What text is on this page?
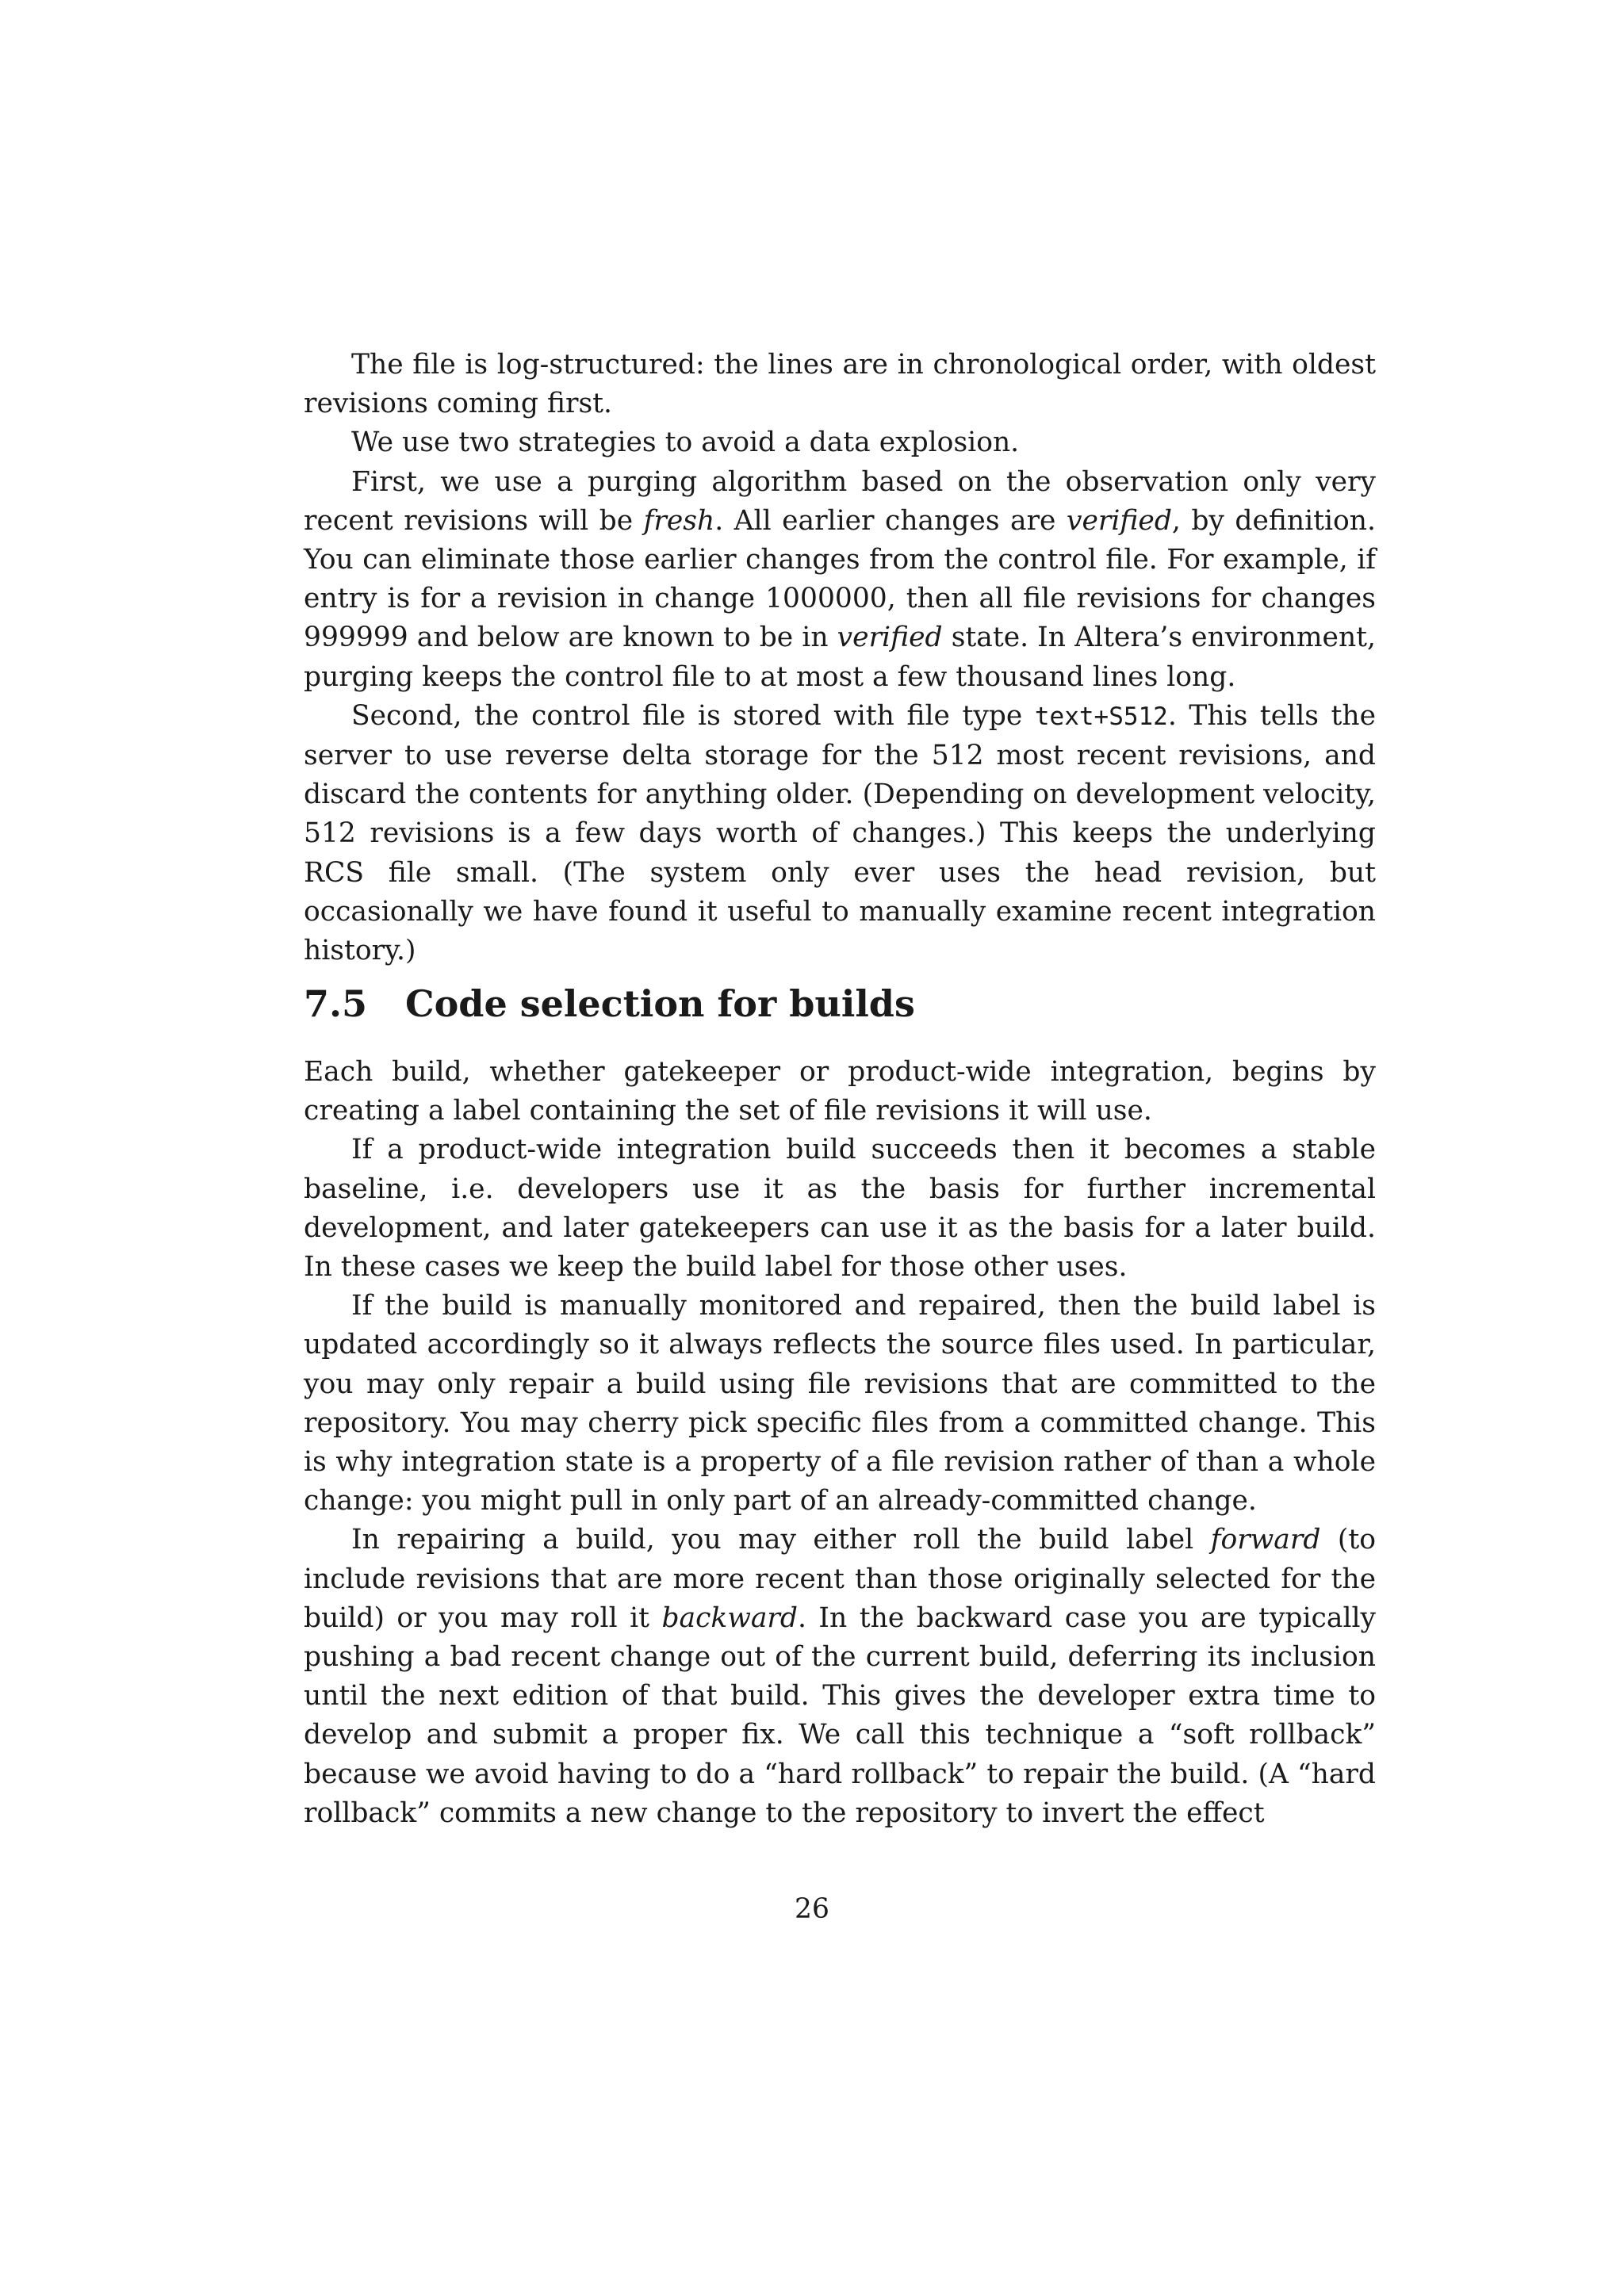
The file is log-structured: the lines are in chronological order, with oldest revisions coming first.

We use two strategies to avoid a data explosion.

First, we use a purging algorithm based on the observation only very recent revisions will be fresh. All earlier changes are verified, by definition. You can eliminate those earlier changes from the control file. For example, if entry is for a revision in change 1000000, then all file revisions for changes 999999 and below are known to be in verified state. In Altera’s environment, purging keeps the control file to at most a few thousand lines long.

Second, the control file is stored with file type text+S512. This tells the server to use reverse delta storage for the 512 most recent revisions, and discard the contents for anything older. (Depending on development velocity, 512 revisions is a few days worth of changes.) This keeps the underlying RCS file small. (The system only ever uses the head revision, but occasionally we have found it useful to manually examine recent integration history.)

7.5 Code selection for builds

Each build, whether gatekeeper or product-wide integration, begins by creating a label containing the set of file revisions it will use.

If a product-wide integration build succeeds then it becomes a stable baseline, i.e. developers use it as the basis for further incremental development, and later gatekeepers can use it as the basis for a later build. In these cases we keep the build label for those other uses.

If the build is manually monitored and repaired, then the build label is updated accordingly so it always reflects the source files used. In particular, you may only repair a build using file revisions that are committed to the repository. You may cherry pick specific files from a committed change. This is why integration state is a property of a file revision rather of than a whole change: you might pull in only part of an already-committed change.

In repairing a build, you may either roll the build label forward (to include revisions that are more recent than those originally selected for the build) or you may roll it backward. In the backward case you are typically pushing a bad recent change out of the current build, deferring its inclusion until the next edition of that build. This gives the developer extra time to develop and submit a proper fix. We call this technique a “soft rollback” because we avoid having to do a “hard rollback” to repair the build. (A “hard rollback” commits a new change to the repository to invert the effect

26
